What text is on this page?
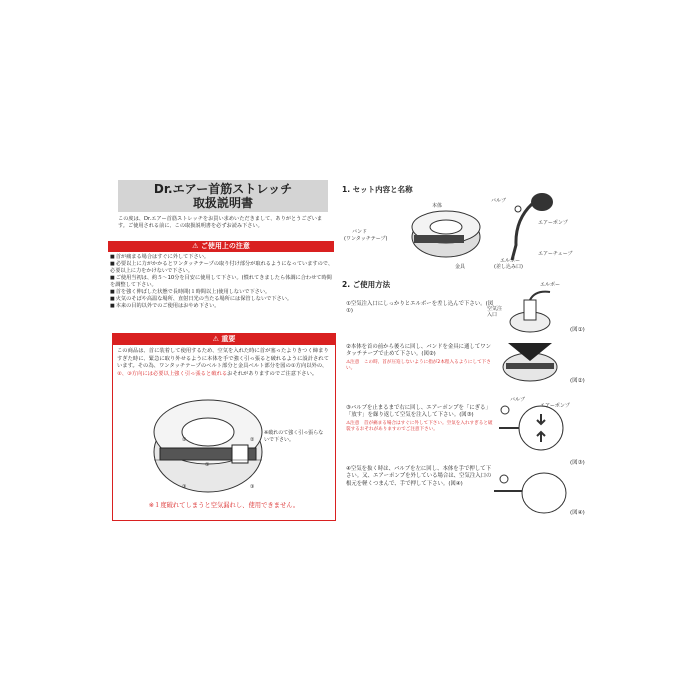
Dr.エアー首筋ストレッチ
取扱説明書
この度は、Dr.エアー首筋ストレッチをお買い求めいただきまして、ありがとうございます。ご使用される前に、この取扱説明書を必ずお読み下さい。
⚠ ご使用上の注意
■ 首が痛まる場合はすぐに外して下さい。
■ 必要以上に力がかかるとワンタッチテープの取り付け部分が取れるようになっていますので、必要以上に力をかけないで下さい。
■ ご使用当初は、約５～10分を目安に使用して下さい。(慣れてきましたら体調に合わせて時間を調整して下さい。
■ 首を強く伸ばした状態で長時間(１時間以上)使用しないで下さい。
■ 火気のそばや高温な場所、直射日光の当たる場所には保管しないで下さい。
■ 本来の目的以外でのご使用はおやめ下さい。
⚠ 重要
この商品は、首に装着して使用するため、空気を入れた時に首が塞ったよりきつく締まりすぎた時に、緊急に取り外せるように本体を手で強く引っ張ると破れるように設計されています。その為、ワンタッチテープのベルト部分と金具ベルト部分を図の①方向以外の、②、③方向には必要以上強く引っ張ると破れるおそれがありますのでご注意下さい。
※１度破れてしまうと空気漏れし、使用できません。
②
①
③
②
③
※破れのて強く引っ張らないで下さい。
1. セット内容と名称
本体
バンド
(ワンタッチテープ)
金具
バルブ
エアーポンプ
エアーチューブ
エルボー
(差し込み口)
2. ご使用方法
①空気注入口にしっかりとエルボーを差し込んで下さい。(図①)
②本体を首の前から後ろに回し、バンドを金具に通してワンタッチテープで止めて下さい。(図②)
⚠注意　この時、首が圧迫しないように指が2本程入るようにして下さい。
③バルブを止まるまで右に回し、エアーポンプを「にぎる」「放す」を繰り返して空気を注入して下さい。(図③)
⚠注意　首が痛まる場合はすぐに外して下さい。空気を入れすぎると破裂するおそれがありますのでご注意下さい。
④空気を抜く時は、バルブを左に回し、本体を手で押して下さい。又、エアーポンプを外している場合は、空気注入口の根元を軽くつまんで、手で押して下さい。(図④)
エルボー
空気注入口
(図①)
(図②)
バルブ
エアーポンプ
(図③)
(図④)
